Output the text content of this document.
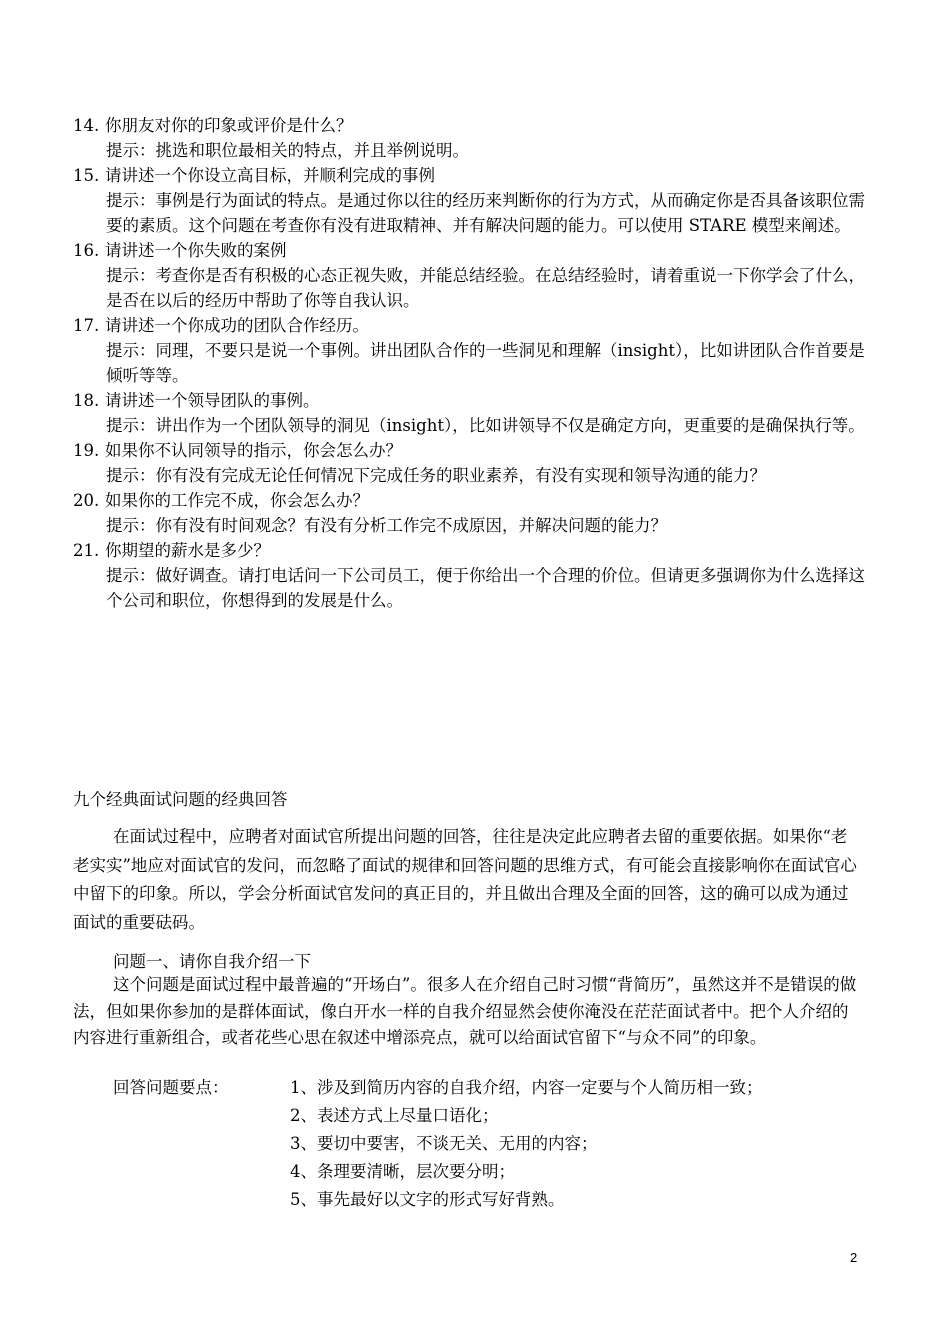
14. 你朋友对你的印象或评价是什么？
提示：挑选和职位最相关的特点，并且举例说明。
15. 请讲述一个你设立高目标，并顺利完成的事例
提示：事例是行为面试的特点。是通过你以往的经历来判断你的行为方式，从而确定你是否具备该职位需要的素质。这个问题在考查你有没有进取精神、并有解决问题的能力。可以使用 STARE 模型来阐述。
16. 请讲述一个你失败的案例
提示：考查你是否有积极的心态正视失败，并能总结经验。在总结经验时，请着重说一下你学会了什么，是否在以后的经历中帮助了你等自我认识。
17. 请讲述一个你成功的团队合作经历。
提示：同理，不要只是说一个事例。讲出团队合作的一些洞见和理解（insight），比如讲团队合作首要是倾听等等。
18. 请讲述一个领导团队的事例。
提示：讲出作为一个团队领导的洞见（insight），比如讲领导不仅是确定方向，更重要的是确保执行等。
19. 如果你不认同领导的指示，你会怎么办？
提示：你有没有完成无论任何情况下完成任务的职业素养，有没有实现和领导沟通的能力？
20. 如果你的工作完不成，你会怎么办？
提示：你有没有时间观念？有没有分析工作完不成原因，并解决问题的能力？
21. 你期望的薪水是多少？
提示：做好调查。请打电话问一下公司员工，便于你给出一个合理的价位。但请更多强调你为什么选择这个公司和职位，你想得到的发展是什么。
九个经典面试问题的经典回答
在面试过程中，应聘者对面试官所提出问题的回答，往往是决定此应聘者去留的重要依据。如果你“老老实实”地应对面试官的发问，而忽略了面试的规律和回答问题的思维方式，有可能会直接影响你在面试官心中留下的印象。所以，学会分析面试官发问的真正目的，并且做出合理及全面的回答，这的确可以成为通过面试的重要砝码。
问题一、请你自我介绍一下
这个问题是面试过程中最普遍的“开场白”。很多人在介绍自己时习惯“背简历”，虽然这并不是错误的做法，但如果你参加的是群体面试，像白开水一样的自我介绍显然会使你淹没在茫茫面试者中。把个人介绍的内容进行重新组合，或者花些心思在叙述中增添亮点，就可以给面试官留下“与众不同”的印象。
回答问题要点：	1、涉及到简历内容的自我介绍，内容一定要与个人简历相一致；
2、表述方式上尽量口语化；
3、要切中要害，不谈无关、无用的内容；
4、条理要清晰，层次要分明；
5、事先最好以文字的形式写好背熟。
2
